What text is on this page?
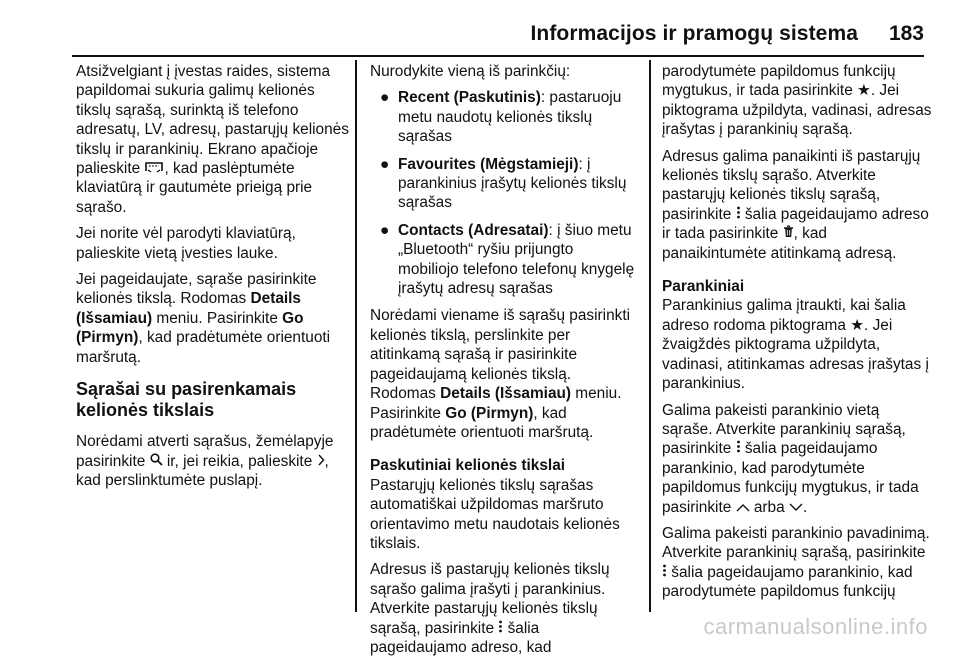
Informacijos ir pramogų sistema 183

Atsižvelgiant į įvestas raides, sistema papildomai sukuria galimų kelionės tikslų sąrašą, surinktą iš telefono adresatų, LV, adresų, pastarųjų kelionės tikslų ir parankinių. Ekrano apačioje palieskite , kad paslėptumėte klaviatūrą ir gautumėte prieigą prie sąrašo.

Jei norite vėl parodyti klaviatūrą, palieskite vietą įvesties lauke.

Jei pageidaujate, sąraše pasirinkite kelionės tikslą. Rodomas Details (Išsamiau) meniu. Pasirinkite Go (Pirmyn), kad pradėtumėte orientuoti maršrutą.

Sąrašai su pasirenkamais kelionės tikslais

Norėdami atverti sąrašus, žemėlapyje pasirinkite  ir, jei reikia, palieskite , kad perslinktumėte puslapį.

Nurodykite vieną iš parinkčių:

● Recent (Paskutinis): pastaruoju metu naudotų kelionės tikslų sąrašas
● Favourites (Mėgstamieji): į parankinius įrašytų kelionės tikslų sąrašas
● Contacts (Adresatai): į šiuo metu „Bluetooth“ ryšiu prijungto mobiliojo telefono telefonų knygelę įrašytų adresų sąrašas

Norėdami viename iš sąrašų pasirinkti kelionės tikslą, perslinkite per atitinkamą sąrašą ir pasirinkite pageidaujamą kelionės tikslą. Rodomas Details (Išsamiau) meniu. Pasirinkite Go (Pirmyn), kad pradėtumėte orientuoti maršrutą.

Paskutiniai kelionės tikslai

Pastarųjų kelionės tikslų sąrašas automatiškai užpildomas maršruto orientavimo metu naudotais kelionės tikslais.

Adresus iš pastarųjų kelionės tikslų sąrašo galima įrašyti į parankinius. Atverkite pastarųjų kelionės tikslų sąrašą, pasirinkite  šalia pageidaujamo adreso, kad

parodytumėte papildomus funkcijų mygtukus, ir tada pasirinkite ★. Jei piktograma užpildyta, vadinasi, adresas įrašytas į parankinių sąrašą.

Adresus galima panaikinti iš pastarųjų kelionės tikslų sąrašo. Atverkite pastarųjų kelionės tikslų sąrašą, pasirinkite  šalia pageidaujamo adreso ir tada pasirinkite , kad panaikintumėte atitinkamą adresą.

Parankiniai

Parankinius galima įtraukti, kai šalia adreso rodoma piktograma ★. Jei žvaigždės piktograma užpildyta, vadinasi, atitinkamas adresas įrašytas į parankinius.

Galima pakeisti parankinio vietą sąraše. Atverkite parankinių sąrašą, pasirinkite  šalia pageidaujamo parankinio, kad parodytumėte papildomus funkcijų mygtukus, ir tada pasirinkite  arba .

Galima pakeisti parankinio pavadinimą. Atverkite parankinių sąrašą, pasirinkite  šalia pageidaujamo parankinio, kad parodytumėte papildomus funkcijų

carmanualsonline.info
